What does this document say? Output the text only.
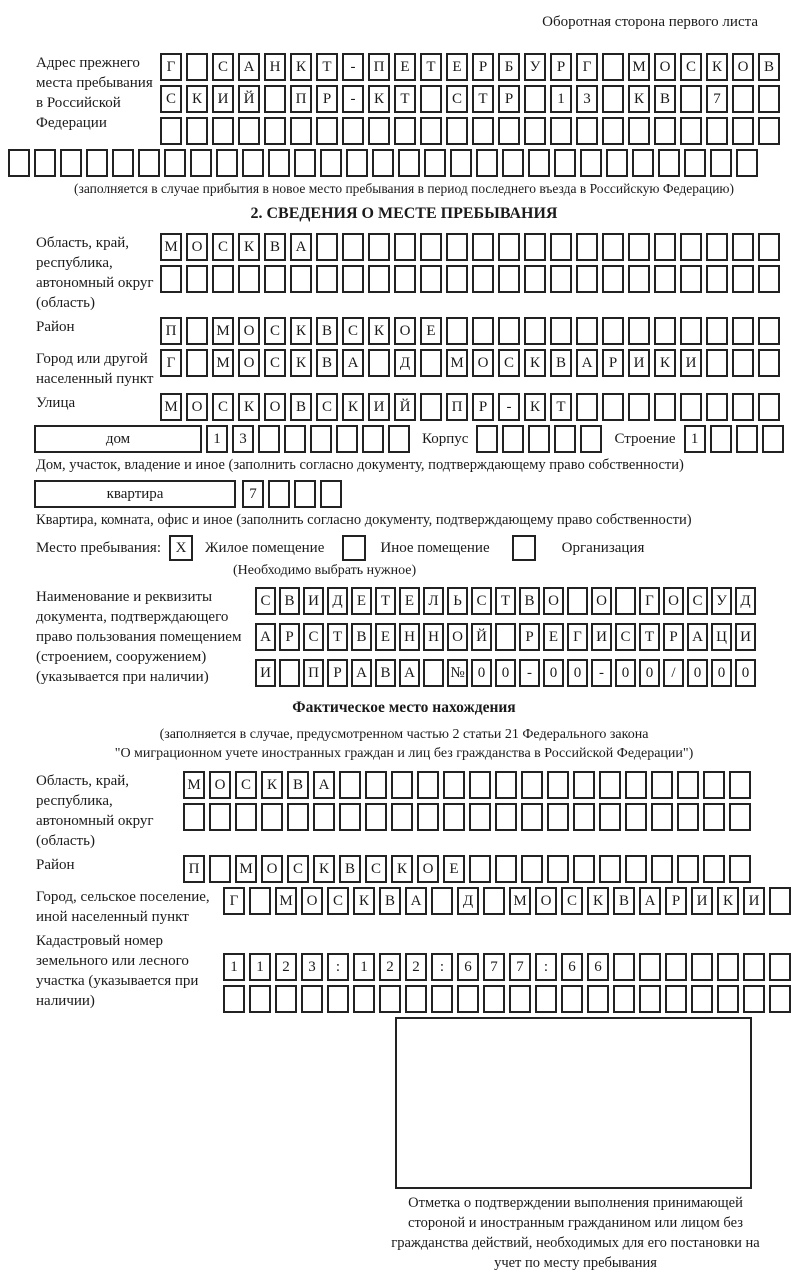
Оборотная сторона первого листа
Адрес прежнего места пребывания в Российской Федерации
Г	С	А	Н	К	Т	-	П	Е	Т	Е	Р	Б	У	Р	Г	М О	С	К	О	В
С	К	И	Й	П	Р	-	К	Т	С	Т	Р	1	3	К	В	7
(заполняется в случае прибытия в новое место пребывания в период последнего въезда в Российскую Федерацию)
2. СВЕДЕНИЯ О МЕСТЕ ПРЕБЫВАНИЯ
Область, край, республика, автономный округ (область)
М О	С	К	В	А
Район	П	М О	С	К	В	С	К	О	Е
Город или другой населенный пункт
Г	М О	С	К	В	А	Д	М О	С	К	В	А	Р	И	К	И
Улица	М О	С	К	О	В	С	К	И	Й	П	Р	-	К	Т
дом	1	3	Корпус	Строение	1
Дом, участок, владение и иное (заполнить согласно документу, подтверждающему право собственности)
квартира	7
Квартира, комната, офис и иное (заполнить согласно документу, подтверждающему право собственности)
Место пребывания: X	Жилое помещение	Иное помещение	Организация
(Необходимо выбрать нужное)
Наименование и реквизиты документа, подтверждающего право пользования помещением (строением, сооружением) (указывается при наличии)
С В И Д Е Т Е Л Ь С Т В О	О	Г О С У Д
А Р С Т В Е Н Н О Й	Р	Е	Г И С Т	Р А Ц И
И	П Р А В А	№ 0	0	-	0	0	-	0	0	/	0	0	0
Фактическое место нахождения
(заполняется в случае, предусмотренном частью 2 статьи 21 Федерального закона
"О миграционном учете иностранных граждан и лиц без гражданства в Российской Федерации")
Область, край, республика, автономный округ (область)
М О	С	К	В	А
Район	П	М О	С	К	В	С	К	О	Е
Город, сельское поселение, иной населенный пункт
Г	М О	С	К	В	А	Д	М О	С	К	В	А	Р	И	К	И
Кадастровый номер земельного или лесного участка (указывается при наличии)
1	1	2	3	:	1	2	2	:	6	7	7	:	6	6
Отметка о подтверждении выполнения принимающей стороной и иностранным гражданином или лицом без гражданства действий, необходимых для его постановки на учет по месту пребывания
